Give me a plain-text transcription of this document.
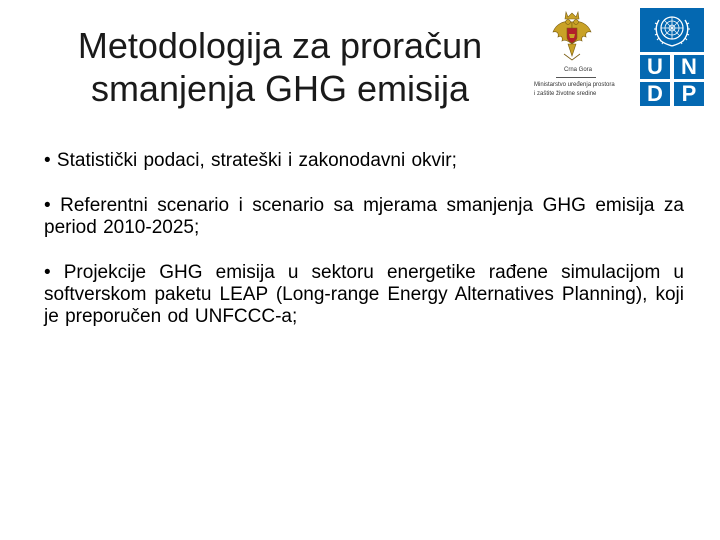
Metodologija za proračun
smanjenja GHG emisija	Crna Gora
Ministarstvo uređenja prostora
i zaštite životne sredine
U N
D P

• Statistički podaci, strateški i zakonodavni okvir;

• Referentni scenario i scenario sa mjerama smanjenja GHG emisija za period 2010-2025;

• Projekcije GHG emisija u sektoru energetike rađene simulacijom u softverskom paketu LEAP (Long-range Energy Alternatives Planning), koji je preporučen od UNFCCC-a;
